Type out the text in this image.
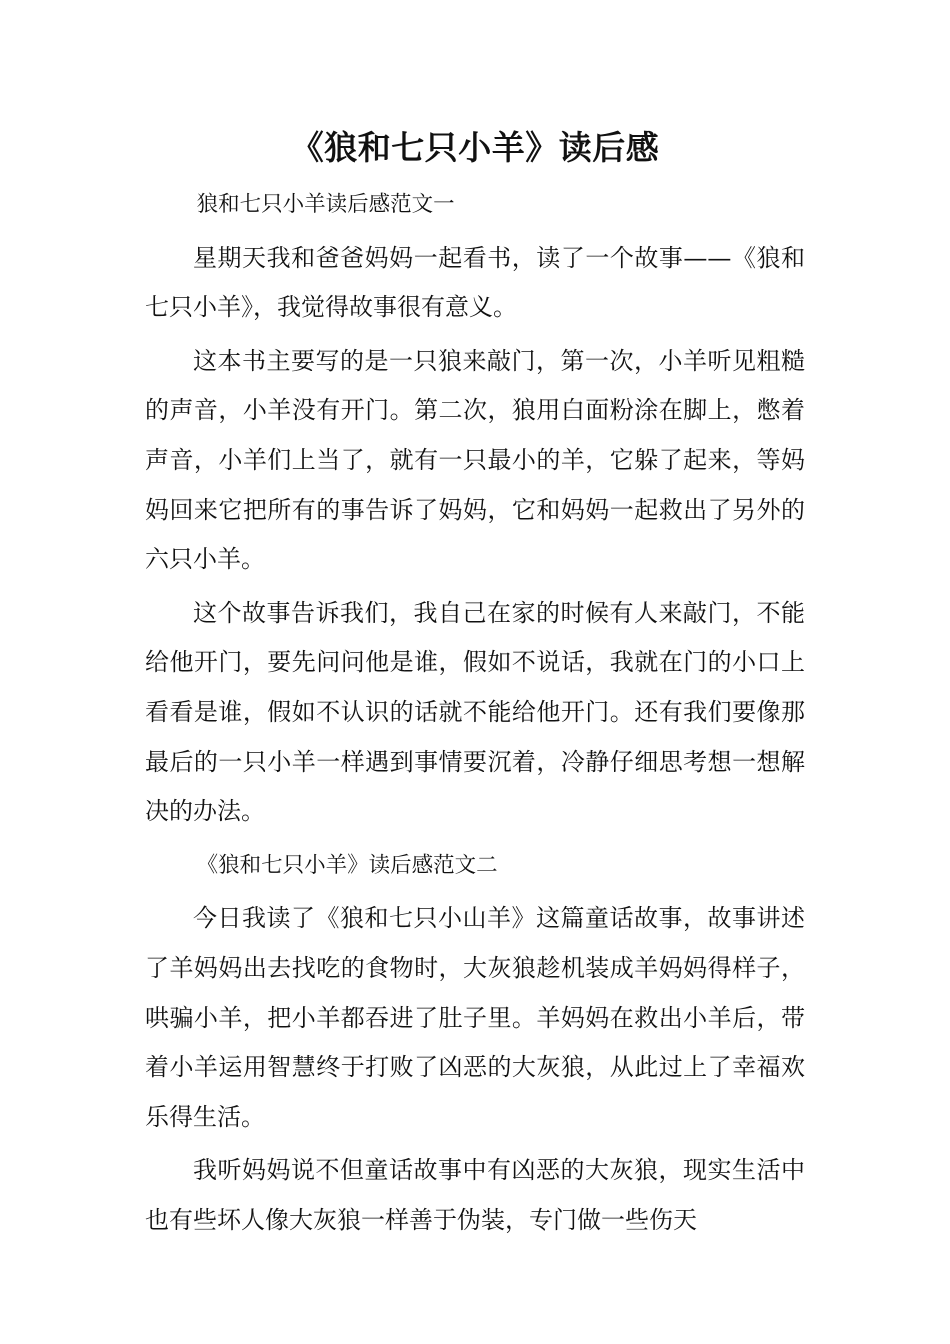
《狼和七只小羊》读后感

狼和七只小羊读后感范文一

星期天我和爸爸妈妈一起看书，读了一个故事——《狼和七只小羊》，我觉得故事很有意义。

这本书主要写的是一只狼来敲门，第一次，小羊听见粗糙的声音，小羊没有开门。第二次，狼用白面粉涂在脚上，憋着声音，小羊们上当了，就有一只最小的羊，它躲了起来，等妈妈回来它把所有的事告诉了妈妈，它和妈妈一起救出了另外的六只小羊。

这个故事告诉我们，我自己在家的时候有人来敲门，不能给他开门，要先问问他是谁，假如不说话，我就在门的小口上看看是谁，假如不认识的话就不能给他开门。还有我们要像那最后的一只小羊一样遇到事情要沉着，冷静仔细思考想一想解决的办法。

《狼和七只小羊》读后感范文二

今日我读了《狼和七只小山羊》这篇童话故事，故事讲述了羊妈妈出去找吃的食物时，大灰狼趁机装成羊妈妈得样子，哄骗小羊，把小羊都吞进了肚子里。羊妈妈在救出小羊后，带着小羊运用智慧终于打败了凶恶的大灰狼，从此过上了幸福欢乐得生活。

我听妈妈说不但童话故事中有凶恶的大灰狼，现实生活中也有些坏人像大灰狼一样善于伪装，专门做一些伤天
